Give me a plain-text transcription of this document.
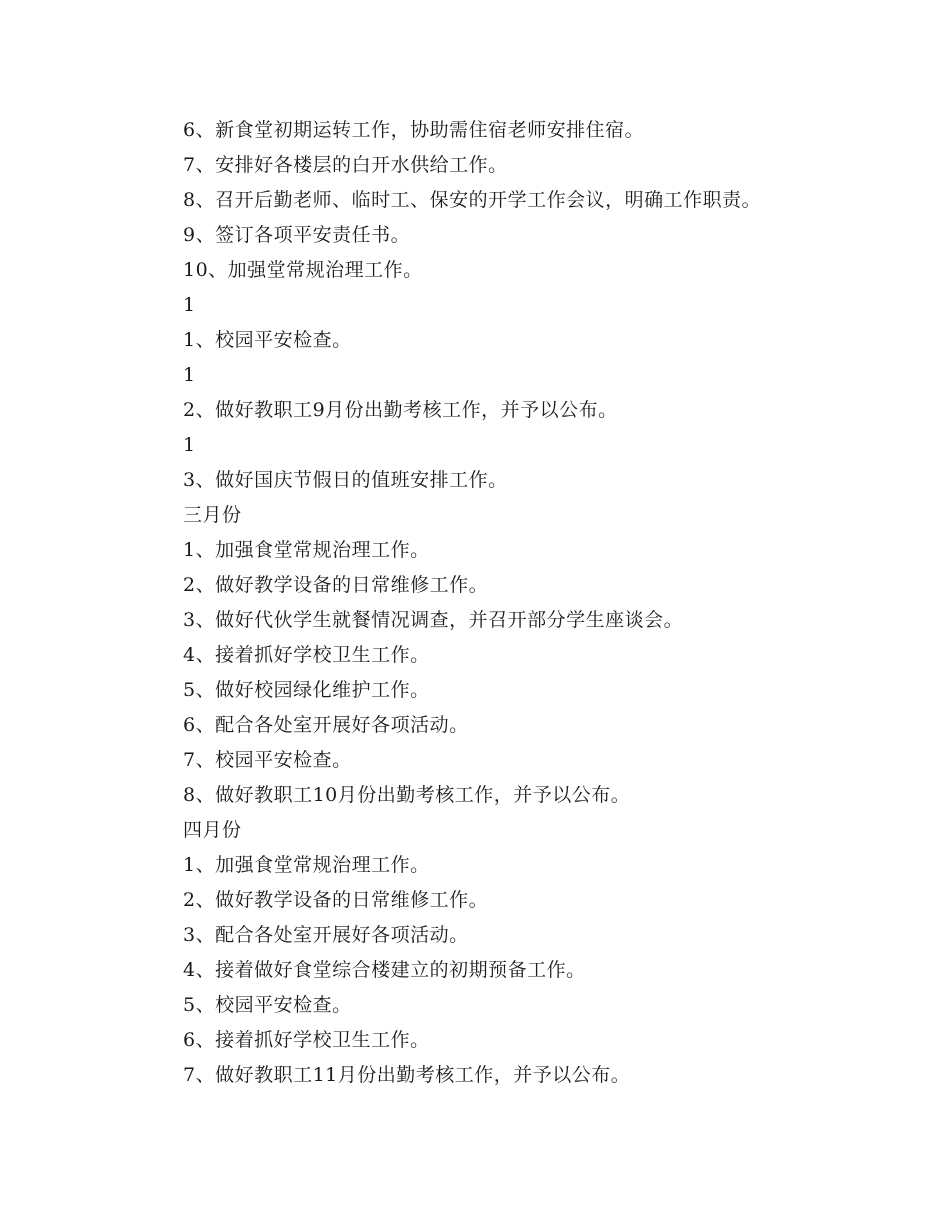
6、新食堂初期运转工作，协助需住宿老师安排住宿。
7、安排好各楼层的白开水供给工作。
8、召开后勤老师、临时工、保安的开学工作会议，明确工作职责。
9、签订各项平安责任书。
10、加强堂常规治理工作。
1
1、校园平安检查。
1
2、做好教职工9月份出勤考核工作，并予以公布。
1
3、做好国庆节假日的值班安排工作。
三月份
1、加强食堂常规治理工作。
2、做好教学设备的日常维修工作。
3、做好代伙学生就餐情况调查，并召开部分学生座谈会。
4、接着抓好学校卫生工作。
5、做好校园绿化维护工作。
6、配合各处室开展好各项活动。
7、校园平安检查。
8、做好教职工10月份出勤考核工作，并予以公布。
四月份
1、加强食堂常规治理工作。
2、做好教学设备的日常维修工作。
3、配合各处室开展好各项活动。
4、接着做好食堂综合楼建立的初期预备工作。
5、校园平安检查。
6、接着抓好学校卫生工作。
7、做好教职工11月份出勤考核工作，并予以公布。
